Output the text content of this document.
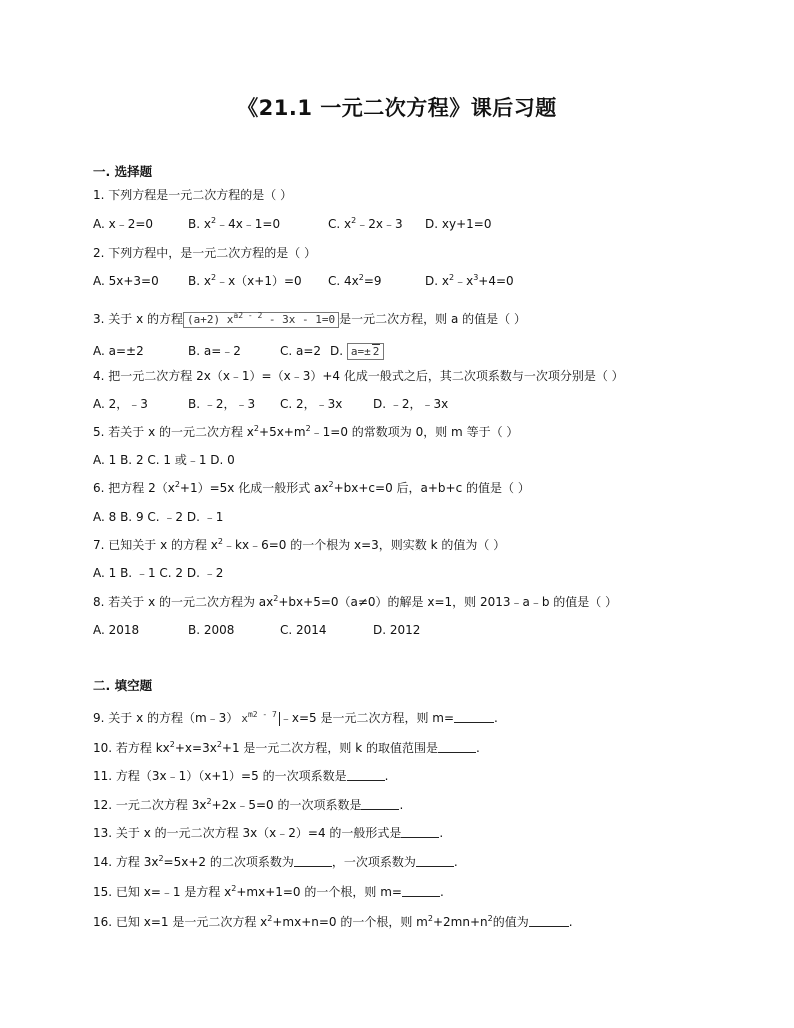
《21.1 一元二次方程》课后习题
一. 选择题
1. 下列方程是一元二次方程的是（ ）
A. x﹣2=0	B. $x^2﹣4x﹣1=0$	C. $x^2﹣2x﹣3$ D. xy+1=0
2. 下列方程中，是一元二次方程的是（ ）
A. 5x+3=0 B. $x^2﹣x(x+1)=0$ C. $4x^2=9$	D. $x^2﹣x^3+4=0$
3. 关于 x 的方程 (a+2) $x^{a2}$ $^{- 2}$ - 3x - 1=0 是一元二次方程，则 a 的值是（ ）
A. a=±2	B. a=﹣2	C. a=2 D. a=± 2
4. 把一元二次方程 2x（x﹣1）=（x﹣3）+4 化成一般式之后，其二次项系数与一次项分别是（ ）
A. 2，﹣3	B. ﹣2，﹣3 C. 2，﹣3x	D. ﹣2，﹣3x
5. 若关于 x 的一元二次方程 $x^2+5x+m^2﹣1=0$ 的常数项为 0，则 m 等于（ ）
A. 1 B. 2 C. 1 或﹣1 D. 0
6. 把方程 $2(x^2+1)=5x$ 化成一般形式 $ax^2+bx+c=0$ 后，a+b+c 的值是（ ）
A. 8 B. 9 C. ﹣2 D. ﹣1
7. 已知关于 x 的方程 $x^2﹣kx﹣6=0$ 的一个根为 x=3，则实数 k 的值为（ ）
A. 1 B. ﹣1 C. 2 D. ﹣2
8. 若关于 x 的一元二次方程为 $ax^2+bx+5=0(a\ne 0)$的解是 x=1，则 2013﹣a﹣b 的值是（ ）
A. 2018	B. 2008	C. 2014	D. 2012
二. 填空题
9. 关于 x 的方程（m﹣3） $x^{m2}$ $^{- 7}$ ﹣x=5 是一元二次方程，则 m=	.
10. 若方程 $kx^2+x=3x^2+1$ 是一元二次方程，则 k 的取值范围是	.
11. 方程（3x﹣1）（x+1）=5 的一次项系数是	.
12. 一元二次方程 $3x^2+2x﹣5=0$ 的一次项系数是	.
13. 关于 x 的一元二次方程 3x（x﹣2）=4 的一般形式是	.
14. 方程 $3x^2=5x+2$ 的二次项系数为	，一次项系数为	.
15. 已知 x=﹣1 是方程 $x^2+mx+1=0$ 的一个根，则 m=	.
16. 已知 x=1 是一元二次方程 $x^2+mx+n=0$ 的一个根，则 $m^2+2mn+n^2$的值为	.
